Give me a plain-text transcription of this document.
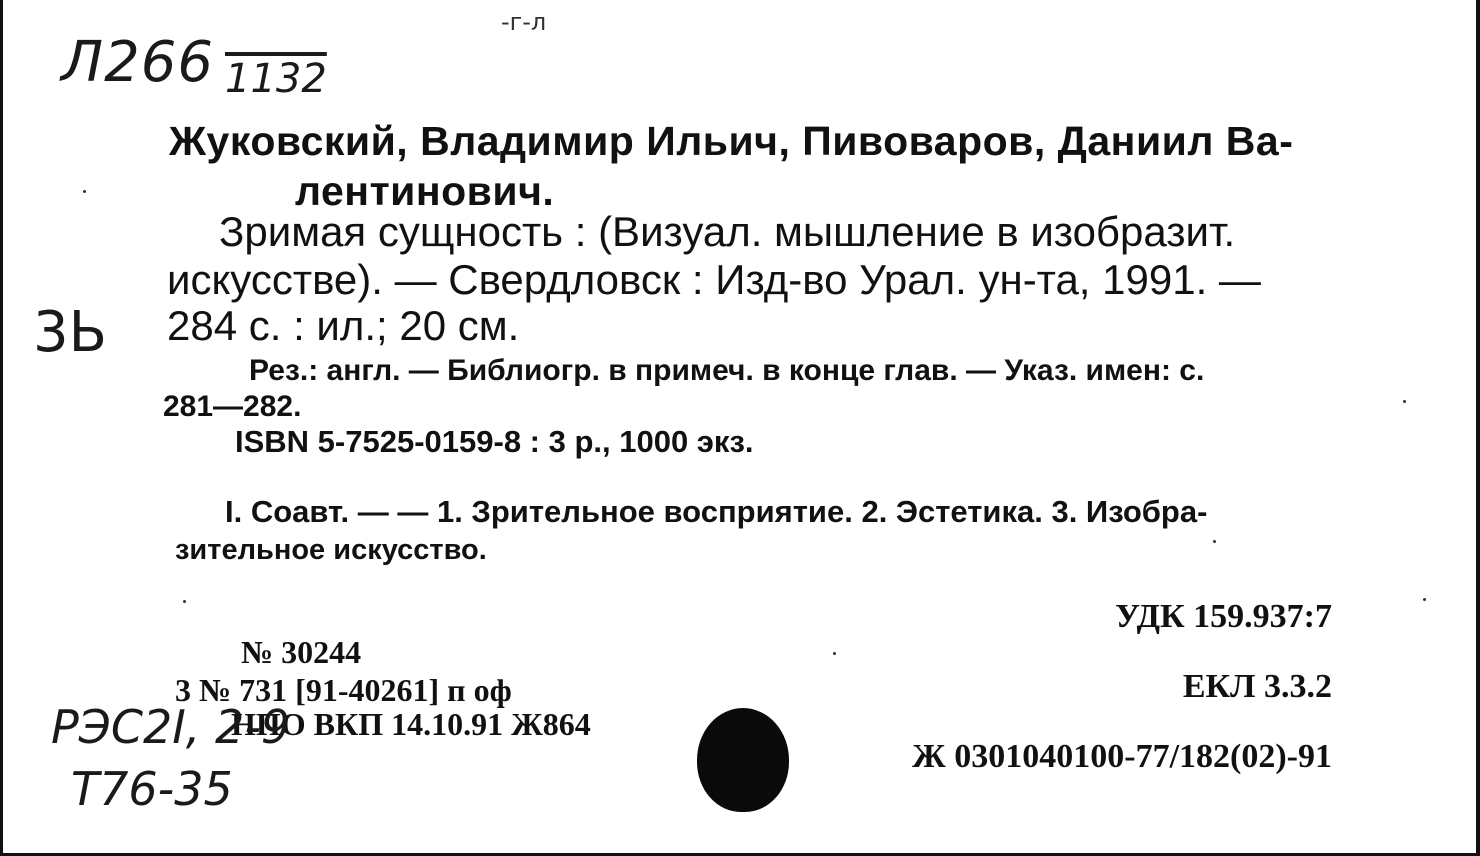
-г-л
Л266 1132
3Ь
Жуковский, Владимир Ильич, Пивоваров, Даниил Ва-
лентинович.
Зримая сущность : (Визуал. мышление в изобразит.
искусстве). — Свердловск : Изд-во Урал. ун-та, 1991. —
284 с. : ил.; 20 см.
Рез.: англ. — Библиогр. в примеч. в конце глав. — Указ. имен: с.
281—282.
ISBN 5-7525-0159-8 : 3 р., 1000 экз.
I. Соавт. — — 1. Зрительное восприятие. 2. Эстетика. 3. Изобра-
зительное искусство.
УДК 159.937:7
ЕКЛ 3.3.2
Ж 0301040100-77/182(02)-91
№ 30244
3 № 731 [91-40261] п оф
НПО ВКП 14.10.91 Ж864
РЭС2І, 2-9
Т76-35
